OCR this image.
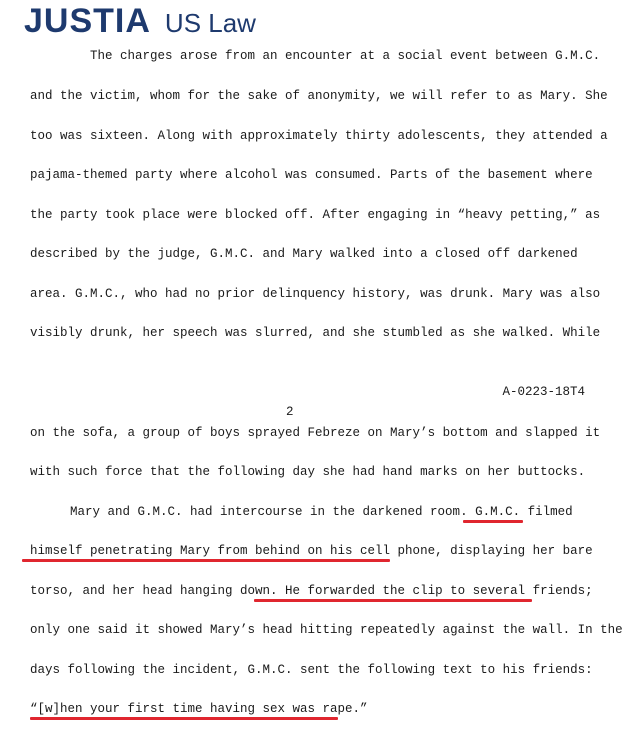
JUSTIA US Law
The charges arose from an encounter at a social event between G.M.C.
and the victim, whom for the sake of anonymity, we will refer to as Mary. She
too was sixteen. Along with approximately thirty adolescents, they attended a
pajama-themed party where alcohol was consumed. Parts of the basement where
the party took place were blocked off. After engaging in “heavy petting,” as
described by the judge, G.M.C. and Mary walked into a closed off darkened
area. G.M.C., who had no prior delinquency history, was drunk. Mary was also
visibly drunk, her speech was slurred, and she stumbled as she walked. While
A-0223-18T4
2
on the sofa, a group of boys sprayed Febreze on Mary’s bottom and slapped it
with such force that the following day she had hand marks on her buttocks.
Mary and G.M.C. had intercourse in the darkened room. G.M.C. filmed
himself penetrating Mary from behind on his cell phone, displaying her bare
torso, and her head hanging down. He forwarded the clip to several friends;
only one said it showed Mary’s head hitting repeatedly against the wall. In the
days following the incident, G.M.C. sent the following text to his friends:
“[w]hen your first time having sex was rape.”
